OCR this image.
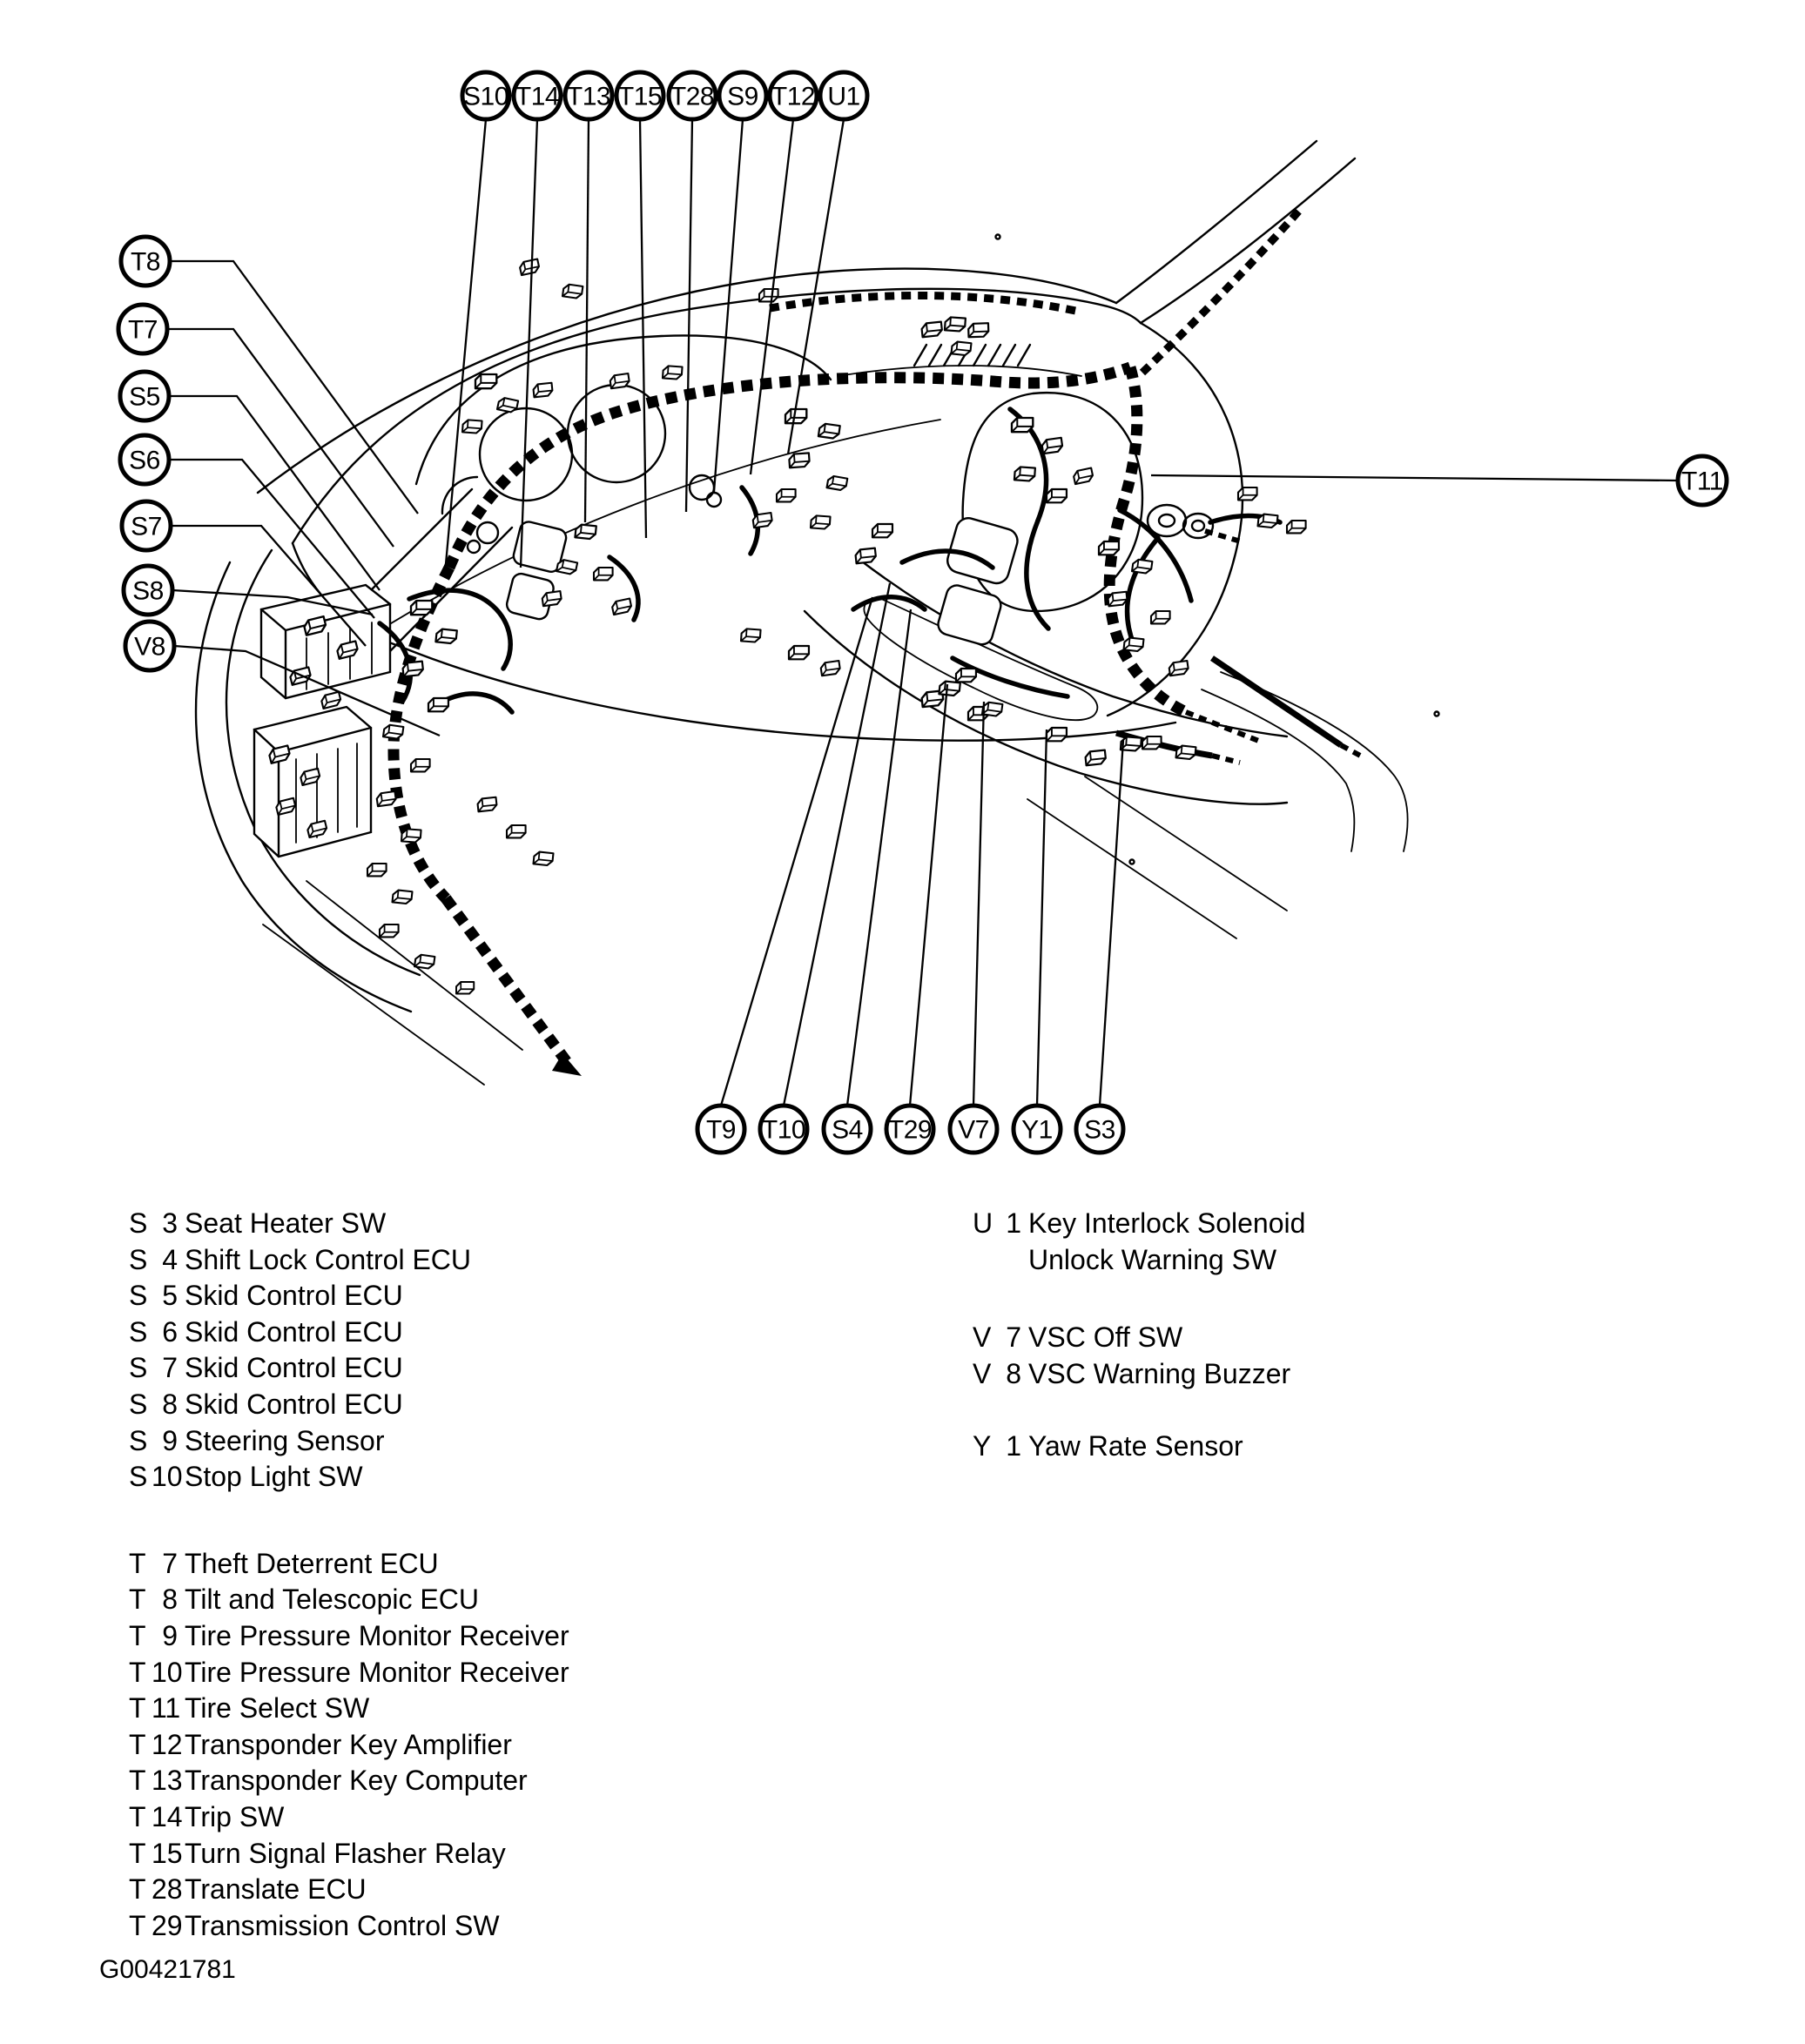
S10 T14 T13 T15 T28 S9 T12 U1
T8
T7
S5
S6
S7
S8
V8
T11
T9 T10 S4 T29 V7 Y1 S3
S 3 Seat Heater SW
S 4 Shift Lock Control ECU
S 5 Skid Control ECU
S 6 Skid Control ECU
S 7 Skid Control ECU
S 8 Skid Control ECU
S 9 Steering Sensor
S 10 Stop Light SW
T 7 Theft Deterrent ECU
T 8 Tilt and Telescopic ECU
T 9 Tire Pressure Monitor Receiver
T 10 Tire Pressure Monitor Receiver
T 11 Tire Select SW
T 12 Transponder Key Amplifier
T 13 Transponder Key Computer
T 14 Trip SW
T 15 Turn Signal Flasher Relay
T 28 Translate ECU
T 29 Transmission Control SW
U 1 Key Interlock Solenoid
Unlock Warning SW
V 7 VSC Off SW
V 8 VSC Warning Buzzer
Y 1 Yaw Rate Sensor
G00421781
